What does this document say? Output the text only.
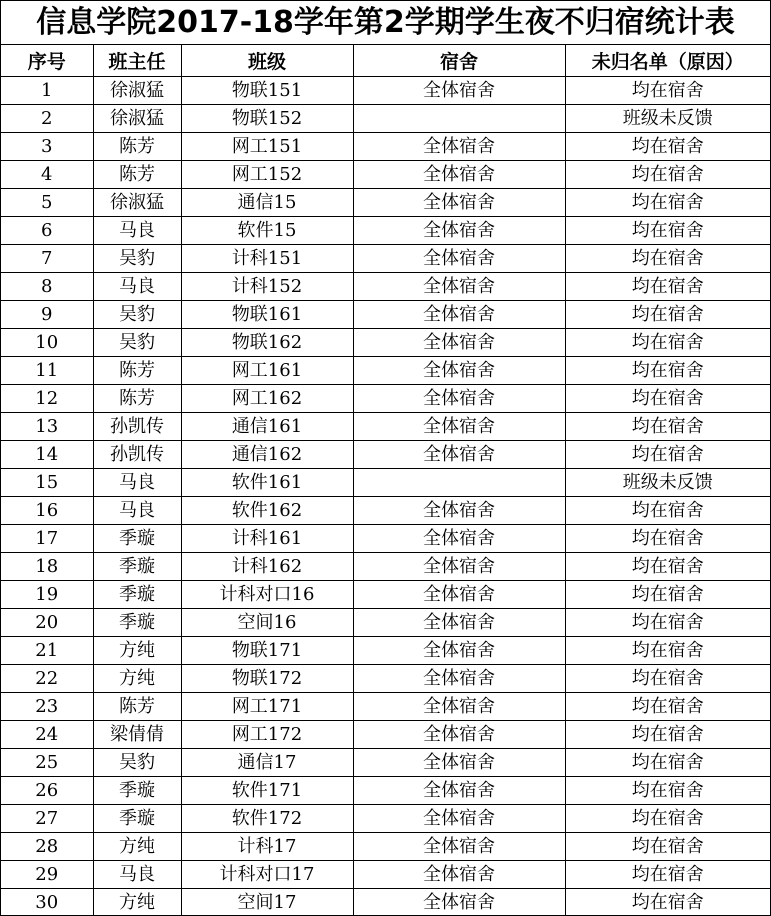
信息学院2017-18学年第2学期学生夜不归宿统计表
序号	班主任	班级	宿舍	未归名单（原因）
1	徐淑猛	物联151	全体宿舍	均在宿舍
2	徐淑猛	物联152		班级未反馈
3	陈芳	网工151	全体宿舍	均在宿舍
4	陈芳	网工152	全体宿舍	均在宿舍
5	徐淑猛	通信15	全体宿舍	均在宿舍
6	马良	软件15	全体宿舍	均在宿舍
7	吴豹	计科151	全体宿舍	均在宿舍
8	马良	计科152	全体宿舍	均在宿舍
9	吴豹	物联161	全体宿舍	均在宿舍
10	吴豹	物联162	全体宿舍	均在宿舍
11	陈芳	网工161	全体宿舍	均在宿舍
12	陈芳	网工162	全体宿舍	均在宿舍
13	孙凯传	通信161	全体宿舍	均在宿舍
14	孙凯传	通信162	全体宿舍	均在宿舍
15	马良	软件161		班级未反馈
16	马良	软件162	全体宿舍	均在宿舍
17	季璇	计科161	全体宿舍	均在宿舍
18	季璇	计科162	全体宿舍	均在宿舍
19	季璇	计科对口16	全体宿舍	均在宿舍
20	季璇	空间16	全体宿舍	均在宿舍
21	方纯	物联171	全体宿舍	均在宿舍
22	方纯	物联172	全体宿舍	均在宿舍
23	陈芳	网工171	全体宿舍	均在宿舍
24	梁倩倩	网工172	全体宿舍	均在宿舍
25	吴豹	通信17	全体宿舍	均在宿舍
26	季璇	软件171	全体宿舍	均在宿舍
27	季璇	软件172	全体宿舍	均在宿舍
28	方纯	计科17	全体宿舍	均在宿舍
29	马良	计科对口17	全体宿舍	均在宿舍
30	方纯	空间17	全体宿舍	均在宿舍
